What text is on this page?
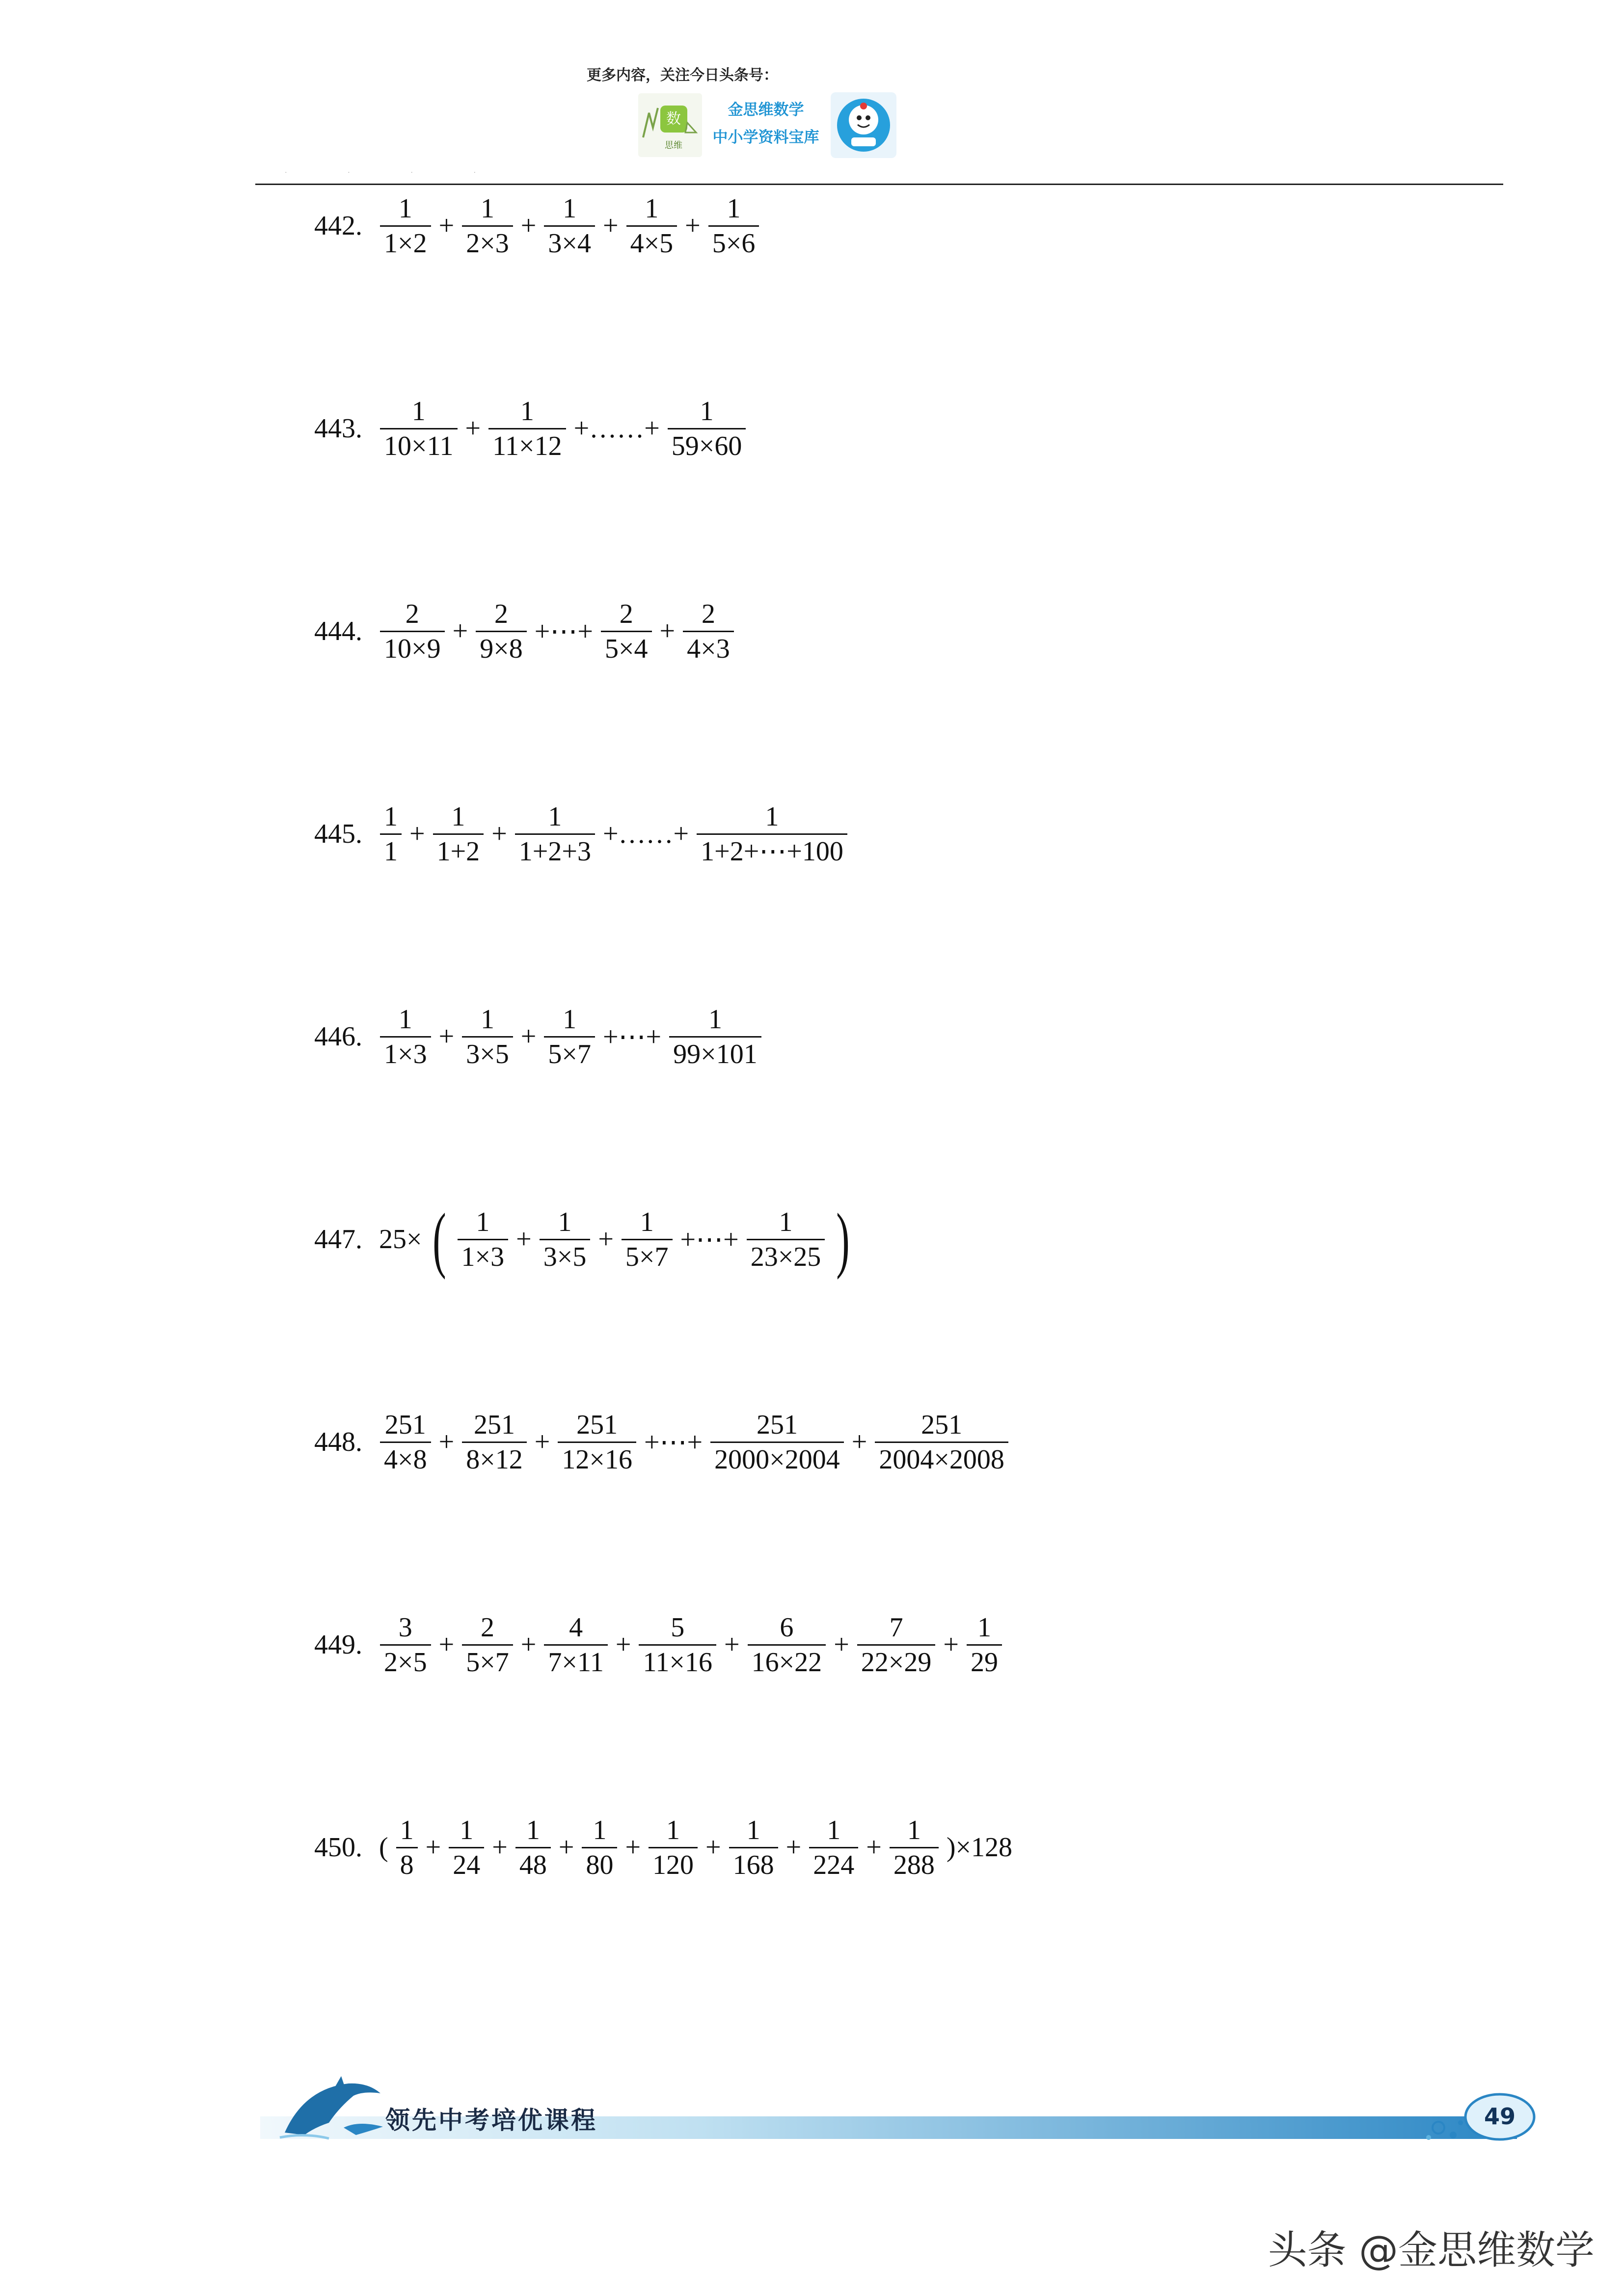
更多内容，关注今日头条号：
数
思维
金思维数学
中小学资料宝库
· · · ·
442. $\frac{1}{1\times 2} + \frac{1}{2\times 3} + \frac{1}{3\times 4} + \frac{1}{4\times 5} + \frac{1}{5\times 6}$
443. $\frac{1}{10\times 11} + \frac{1}{11\times 12}$ +……+ $\frac{1}{59\times 60}$
444. $\frac{2}{10\times 9} + \frac{2}{9\times 8}$ +⋯+ $\frac{2}{5\times 4} + \frac{2}{4\times 3}$
445. $\frac{1}{1} + \frac{1}{1+2} + \frac{1}{1+2+3}$ +……+ $\frac{1}{1+2+\cdots+100}$
446. $\frac{1}{1\times 3} + \frac{1}{3\times 5} + \frac{1}{5\times 7}$ +⋯+ $\frac{1}{99\times 101}$
447. 25× ( $\frac{1}{1\times 3} + \frac{1}{3\times 5} + \frac{1}{5\times 7}$ +⋯+ $\frac{1}{23\times 25}$ )
448. $\frac{251}{4\times 8} + \frac{251}{8\times 12} + \frac{251}{12\times 16}$ +⋯+ $\frac{251}{2000\times 2004} + \frac{251}{2004\times 2008}$
449. $\frac{3}{2\times 5} + \frac{2}{5\times 7} + \frac{4}{7\times 11} + \frac{5}{11\times 16} + \frac{6}{16\times 22} + \frac{7}{22\times 29} + \frac{1}{29}$
450. ( $\frac{1}{8} + \frac{1}{24} + \frac{1}{48} + \frac{1}{80} + \frac{1}{120} + \frac{1}{168} + \frac{1}{224} + \frac{1}{288} )\times 128$
领先中考培优课程	49
头条 @金思维数学
